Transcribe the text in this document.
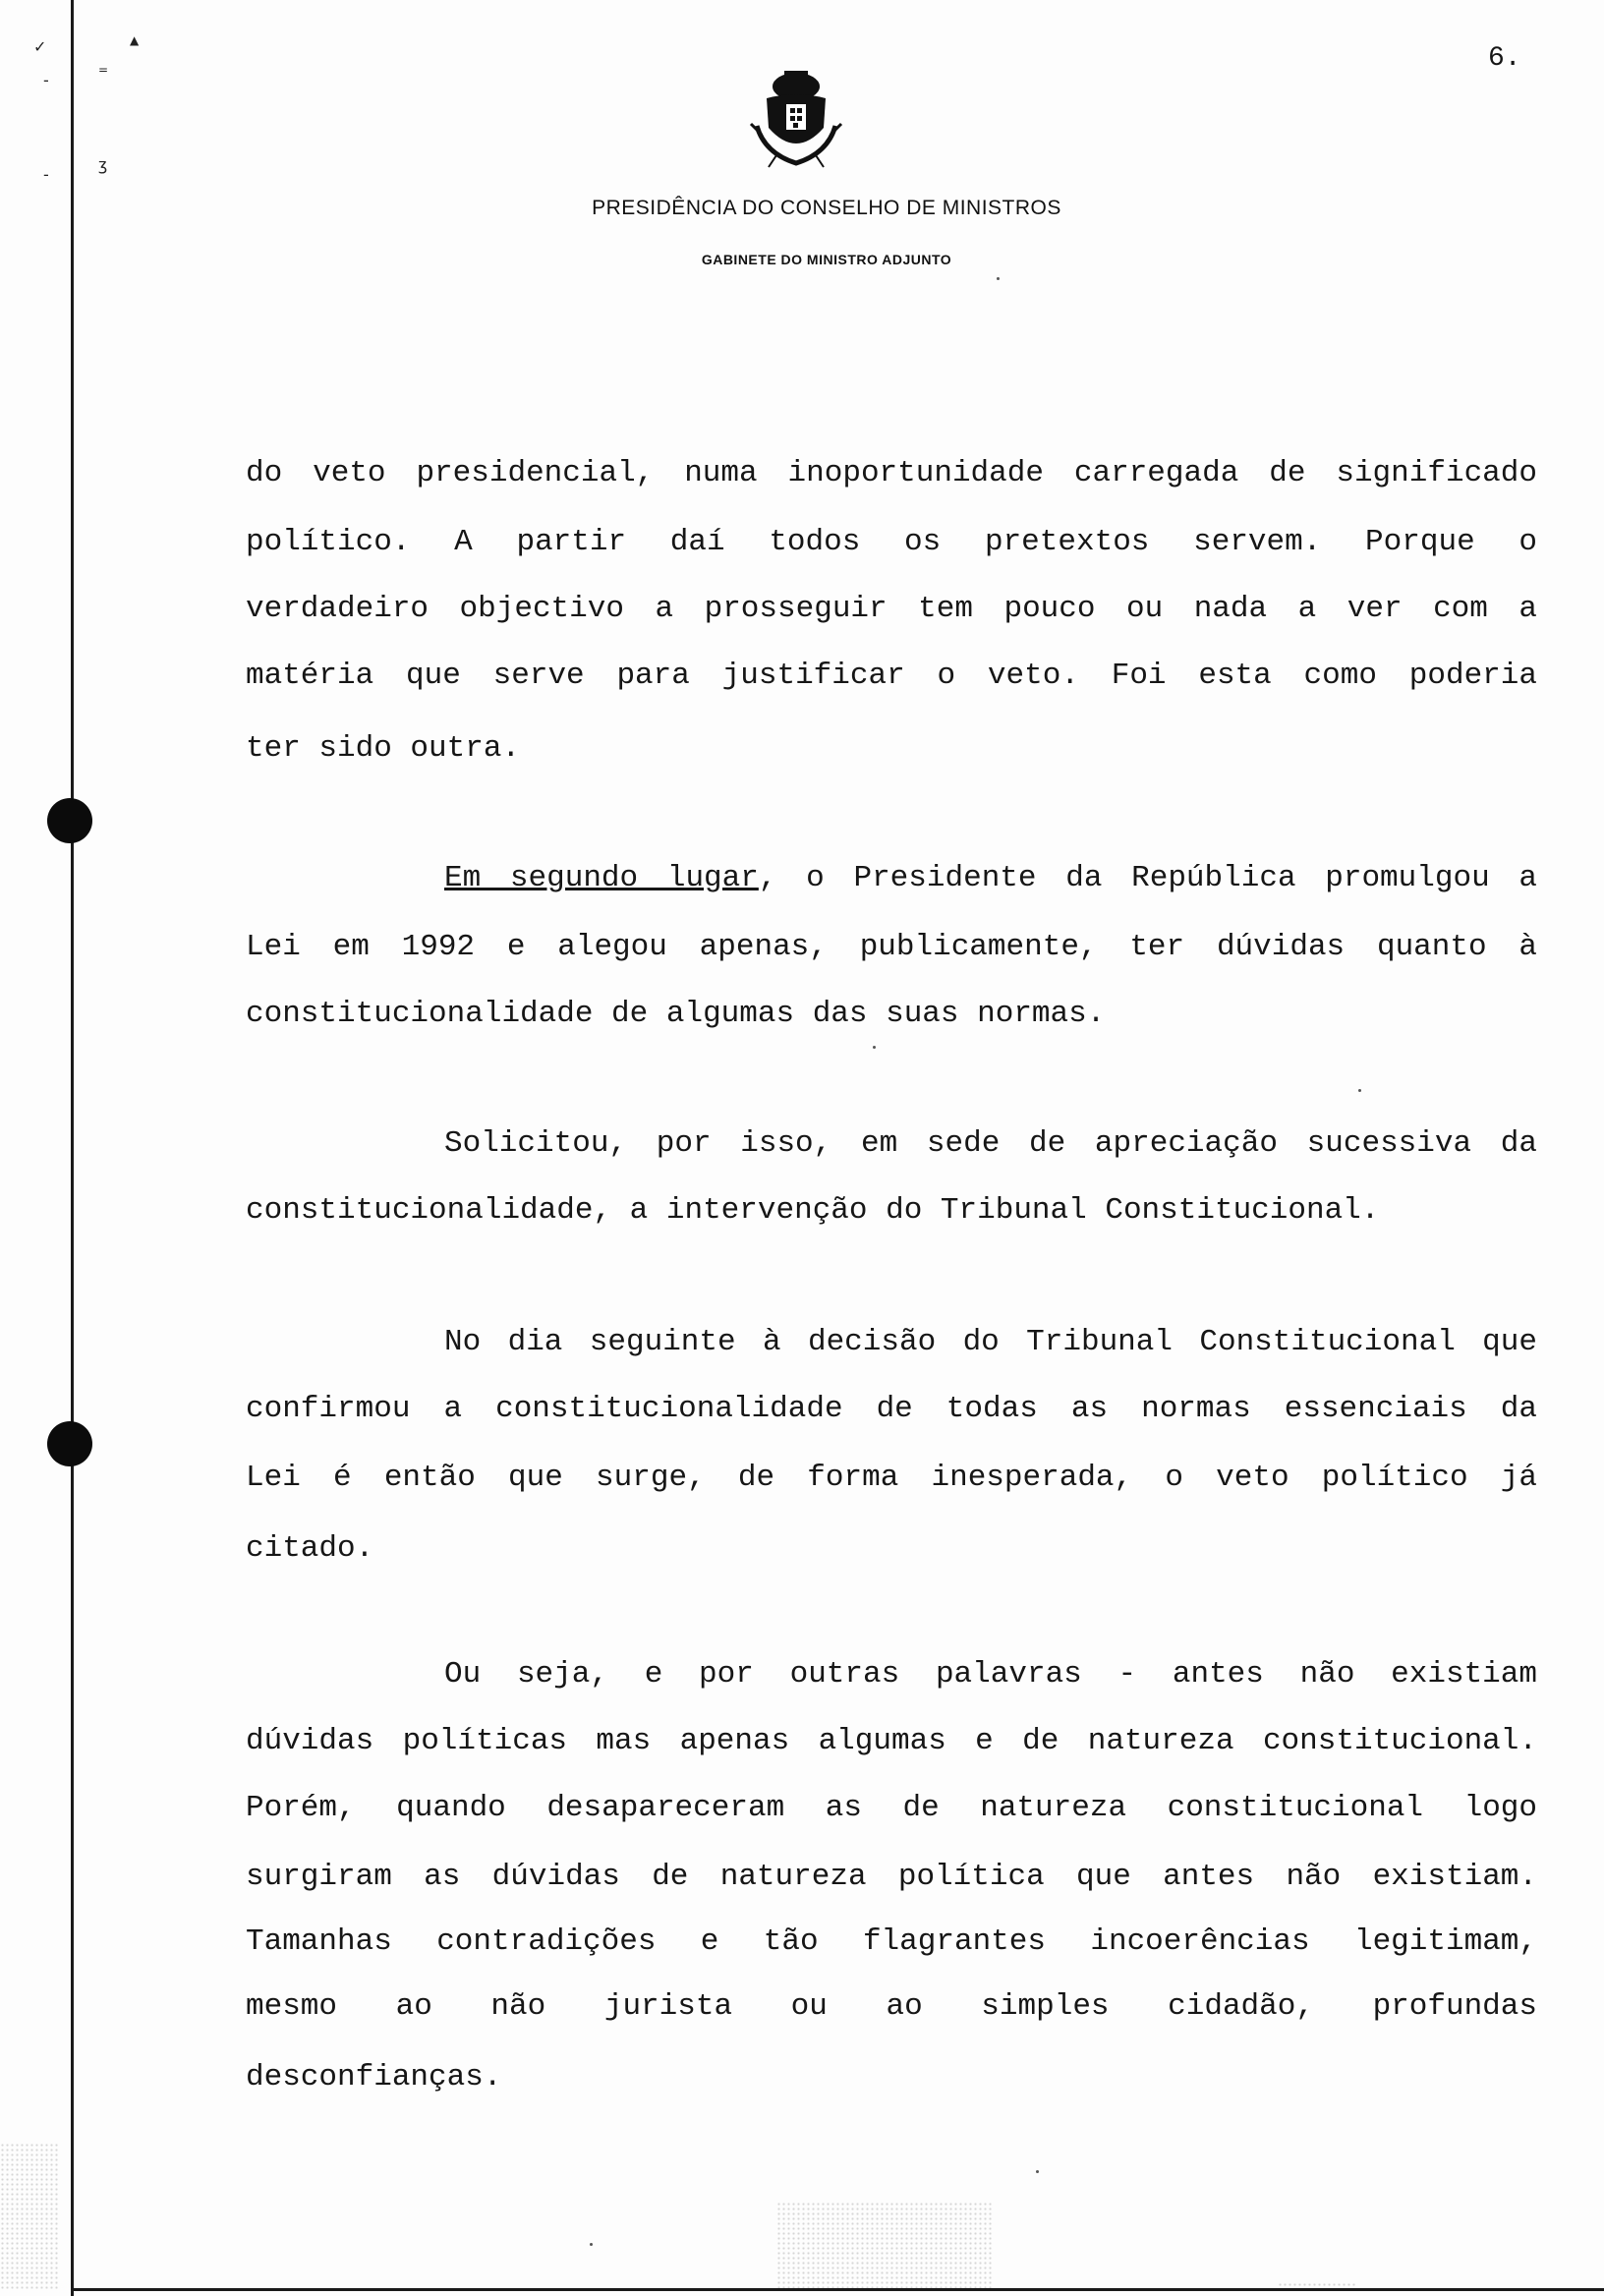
✓	▲
-
=
-
ʒ
6.
PRESIDÊNCIA DO CONSELHO DE MINISTROS
GABINETE DO MINISTRO ADJUNTO
do veto presidencial, numa inoportunidade carregada de significado
político. A partir daí todos os pretextos servem. Porque o
verdadeiro objectivo a prosseguir tem pouco ou nada a ver com a
matéria que serve para justificar o veto. Foi esta como poderia
ter sido outra.
Em segundo lugar, o Presidente da República promulgou a
Lei em 1992 e alegou apenas, publicamente, ter dúvidas quanto à
constitucionalidade de algumas das suas normas.
Solicitou, por isso, em sede de apreciação sucessiva da
constitucionalidade, a intervenção do Tribunal Constitucional.
No dia seguinte à decisão do Tribunal Constitucional que
confirmou a constitucionalidade de todas as normas essenciais da
Lei é então que surge, de forma inesperada, o veto político já
citado.
Ou seja, e por outras palavras - antes não existiam
dúvidas políticas mas apenas algumas e de natureza constitucional.
Porém, quando desapareceram as de natureza constitucional logo
surgiram as dúvidas de natureza política que antes não existiam.
Tamanhas contradições e tão flagrantes incoerências legitimam,
mesmo ao não jurista ou ao simples cidadão, profundas
desconfianças.
